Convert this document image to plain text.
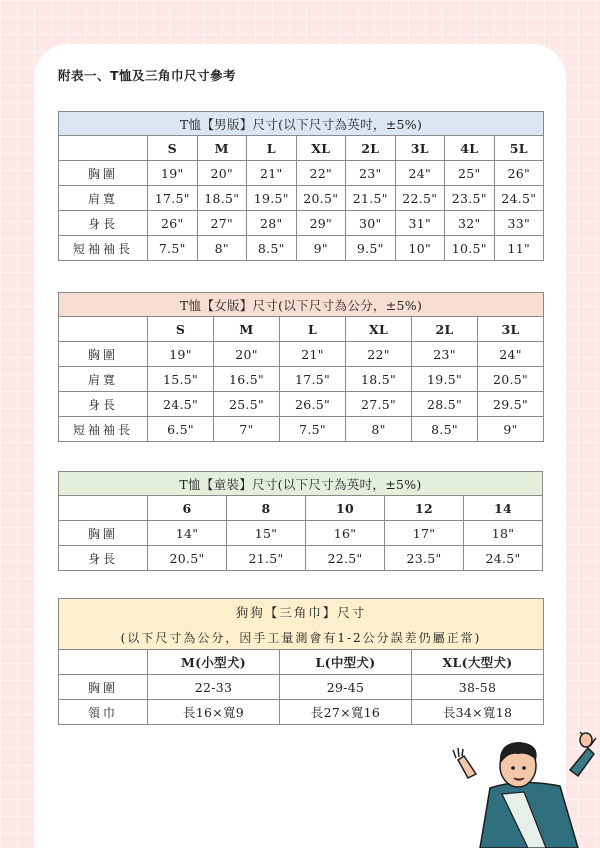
附表一、T恤及三角巾尺寸參考
T恤【男版】尺寸(以下尺寸為英吋，±5%)								
	S	M	L	XL	2L	3L	4L	5L
胸圍	19"	20"	21"	22"	23"	24"	25"	26"
肩寬	17.5"	18.5"	19.5"	20.5"	21.5"	22.5"	23.5"	24.5"
身長	26"	27"	28"	29"	30"	31"	32"	33"
短袖袖長	7.5"	8"	8.5"	9"	9.5"	10"	10.5"	11"
T恤【女版】尺寸(以下尺寸為公分，±5%)						
	S	M	L	XL	2L	3L
胸圍	19"	20"	21"	22"	23"	24"
肩寬	15.5"	16.5"	17.5"	18.5"	19.5"	20.5"
身長	24.5"	25.5"	26.5"	27.5"	28.5"	29.5"
短袖袖長	6.5"	7"	7.5"	8"	8.5"	9"
T恤【童裝】尺寸(以下尺寸為英吋，±5%)					
	6	8	10	12	14
胸圍	14"	15"	16"	17"	18"
身長	20.5"	21.5"	22.5"	23.5"	24.5"
狗狗【三角巾】尺寸			
(以下尺寸為公分，因手工量測會有1-2公分誤差仍屬正常)			
	M(小型犬)	L(中型犬)	XL(大型犬)
胸圍	22-33	29-45	38-58
領巾	長16×寬9	長27×寬16	長34×寬18
